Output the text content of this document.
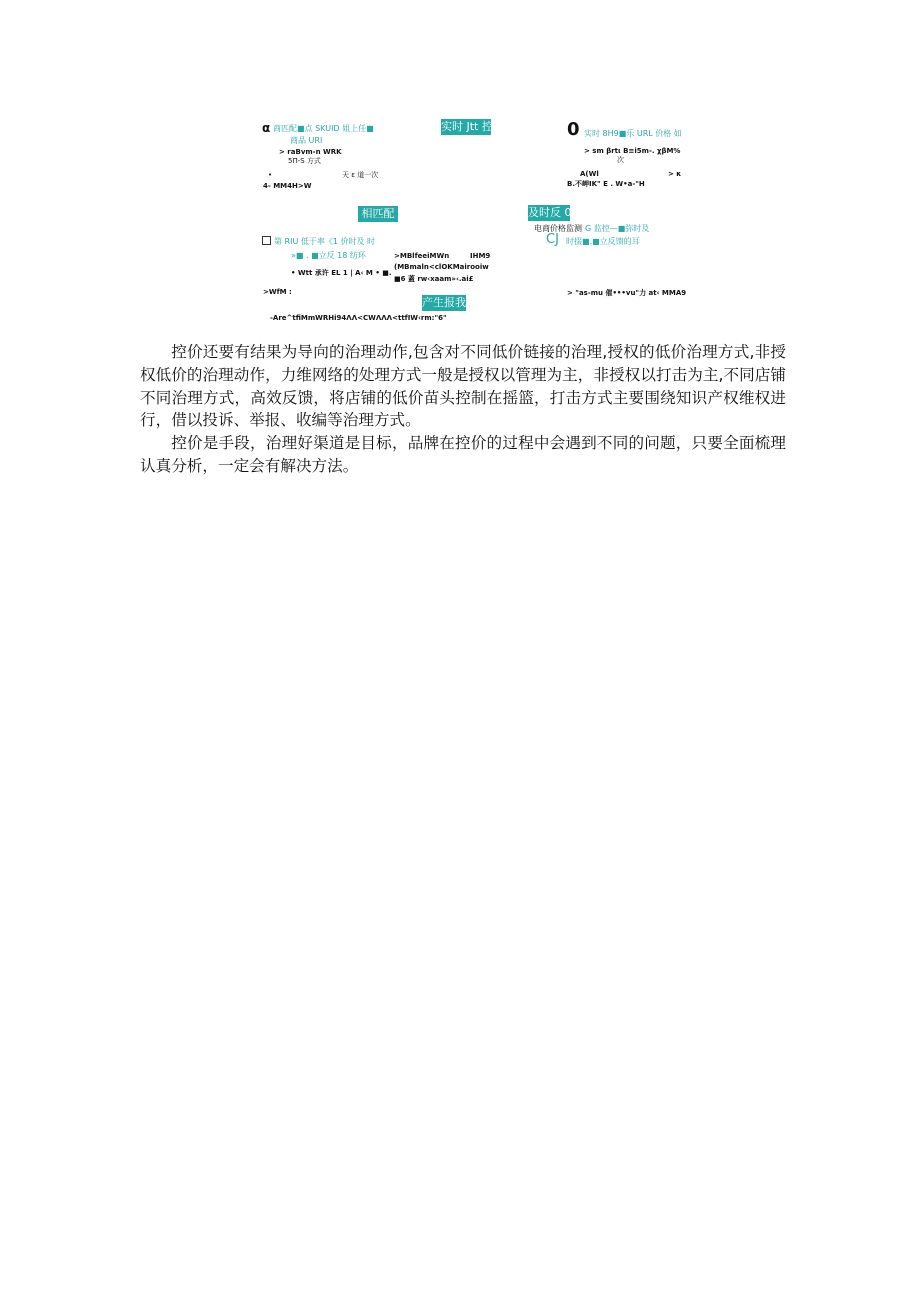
实时 Jtt 控
相匹配	及时反 0
产生报我
α 商匹配■点 SKUID 姐上任■
商品 URI
> raBvm-n WRK
5Π-S 方式
•	天 ε 道一次
4- MM4H>W
0 实时 8H9■乐 URL 价格 如
> sm βrtι B≡i5m-. χβM%
次
A(Wl	> κ
B.不岬IK" E . W•a-"H
第 RIU 低于率《1 价时及 时
»■ . ■立反 18 纺环
• Wtt 承许 EL 1 | A‹ M • ■.
>WfM :
>MBlfeeiMWn	IHM9
(MBmaln<clOKMairooiw
■6 蓋 rw‹xaam»‹.ai£
电商价格监测 G 监控—■弥时及
CJ 时掇■.■立反馈的耳
> "as-mu 催•••vu"力 at‹ MMA9
-Are^tfiMmWRHi94ΛΛ<CWΛΛΛ<ttfIW‹rm:"6"
控价还要有结果为导向的治理动作,包含对不同低价链接的治理,授权的低价治理方式,非授权低价的治理动作，力维网络的处理方式一般是授权以管理为主，非授权以打击为主,不同店铺不同治理方式，高效反馈，将店铺的低价苗头控制在摇篮，打击方式主要围绕知识产权维权进行，借以投诉、举报、收编等治理方式。
控价是手段，治理好渠道是目标，品牌在控价的过程中会遇到不同的问题，只要全面梳理认真分析，一定会有解决方法。
